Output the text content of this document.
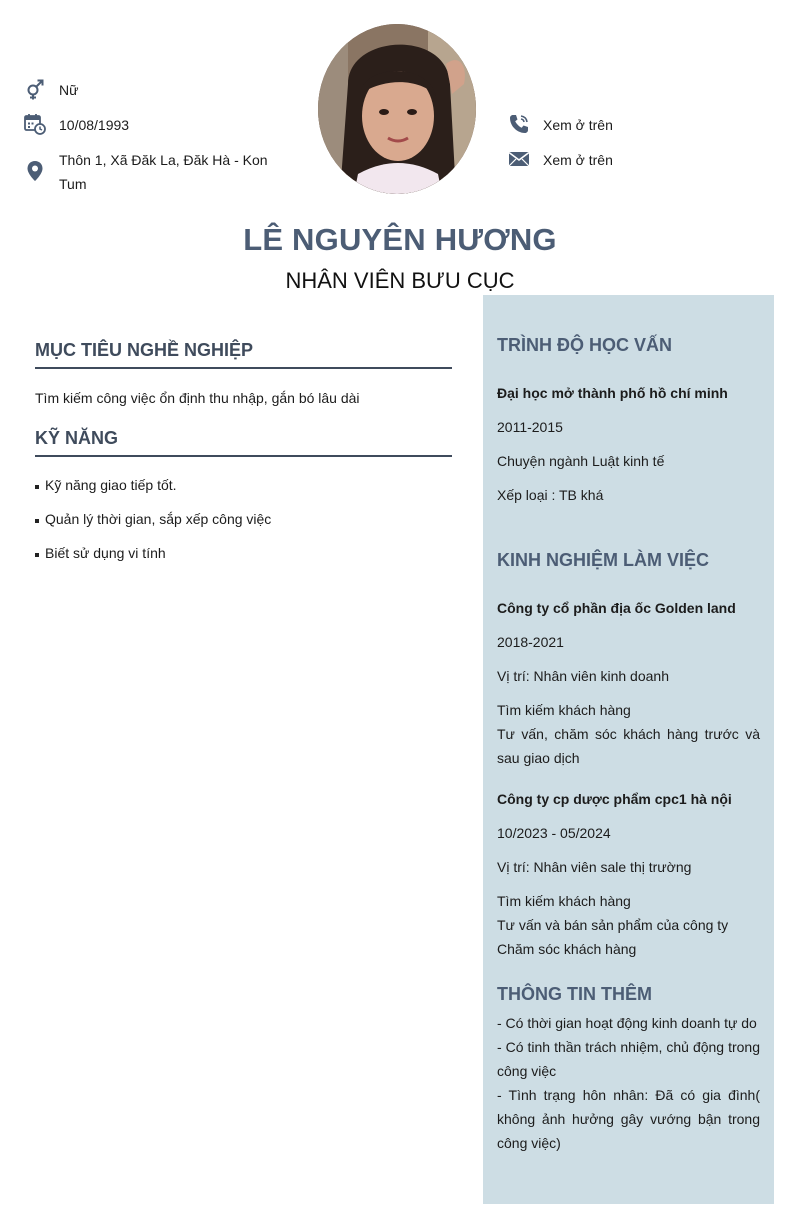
Nữ
10/08/1993
Thôn 1, Xã Đăk La, Đăk Hà - Kon Tum
Xem ở trên
Xem ở trên
LÊ NGUYÊN HƯƠNG
NHÂN VIÊN BƯU CỤC
MỤC TIÊU NGHỀ NGHIỆP
Tìm kiếm công việc ổn định thu nhập, gắn bó lâu dài
KỸ NĂNG
Kỹ năng giao tiếp tốt.
Quản lý thời gian, sắp xếp công việc
Biết sử dụng vi tính
TRÌNH ĐỘ HỌC VẤN
Đại học mở thành phố hồ chí minh
2011-2015
Chuyện ngành Luật kinh tế
Xếp loại : TB khá
KINH NGHIỆM LÀM VIỆC
Công ty cổ phần địa ốc Golden land
2018-2021
Vị trí: Nhân viên kinh doanh
Tìm kiếm khách hàng
Tư vấn, chăm sóc khách hàng trước và sau giao dịch
Công ty cp dược phẩm cpc1 hà nội
10/2023 - 05/2024
Vị trí: Nhân viên sale thị trường
Tìm kiếm khách hàng
Tư vấn và bán sản phẩm của công ty
Chăm sóc khách hàng
THÔNG TIN THÊM
- Có thời gian hoạt động kinh doanh tự do
- Có tinh thần trách nhiệm, chủ động trong công việc
- Tình trạng hôn nhân: Đã có gia đình( không ảnh hưởng gây vướng bận trong công việc)
